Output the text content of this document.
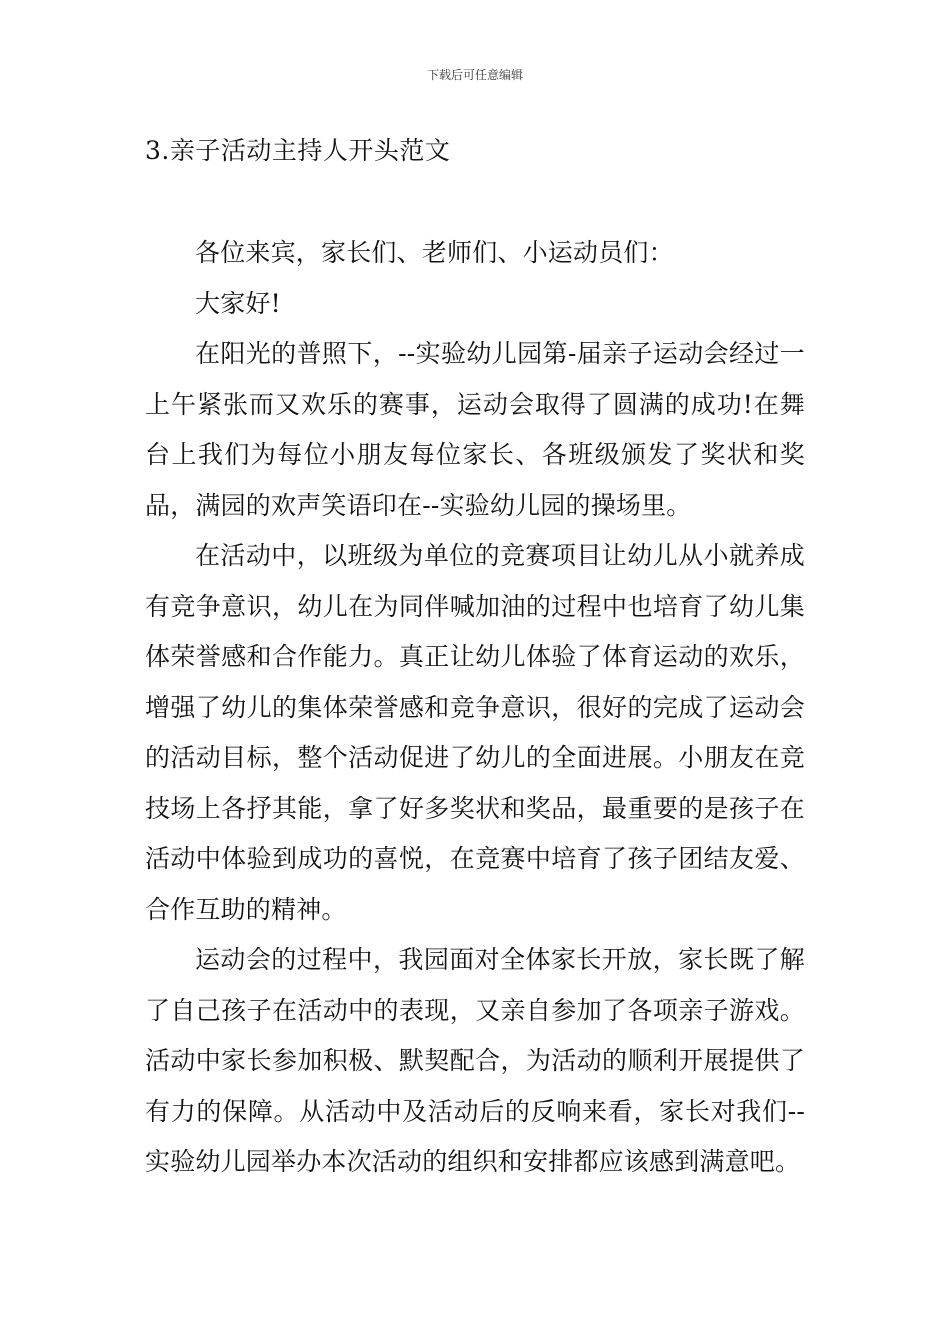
下载后可任意编辑
3.亲子活动主持人开头范文

各位来宾，家长们、老师们、小运动员们：

大家好!

在阳光的普照下，--实验幼儿园第-届亲子运动会经过一上午紧张而又欢乐的赛事，运动会取得了圆满的成功!在舞台上我们为每位小朋友每位家长、各班级颁发了奖状和奖品，满园的欢声笑语印在--实验幼儿园的操场里。

在活动中，以班级为单位的竞赛项目让幼儿从小就养成有竞争意识，幼儿在为同伴喊加油的过程中也培育了幼儿集体荣誉感和合作能力。真正让幼儿体验了体育运动的欢乐，增强了幼儿的集体荣誉感和竞争意识，很好的完成了运动会的活动目标，整个活动促进了幼儿的全面进展。小朋友在竞技场上各抒其能，拿了好多奖状和奖品，最重要的是孩子在活动中体验到成功的喜悦，在竞赛中培育了孩子团结友爱、合作互助的精神。

运动会的过程中，我园面对全体家长开放，家长既了解了自己孩子在活动中的表现，又亲自参加了各项亲子游戏。活动中家长参加积极、默契配合，为活动的顺利开展提供了有力的保障。从活动中及活动后的反响来看，家长对我们--实验幼儿园举办本次活动的组织和安排都应该感到满意吧。
